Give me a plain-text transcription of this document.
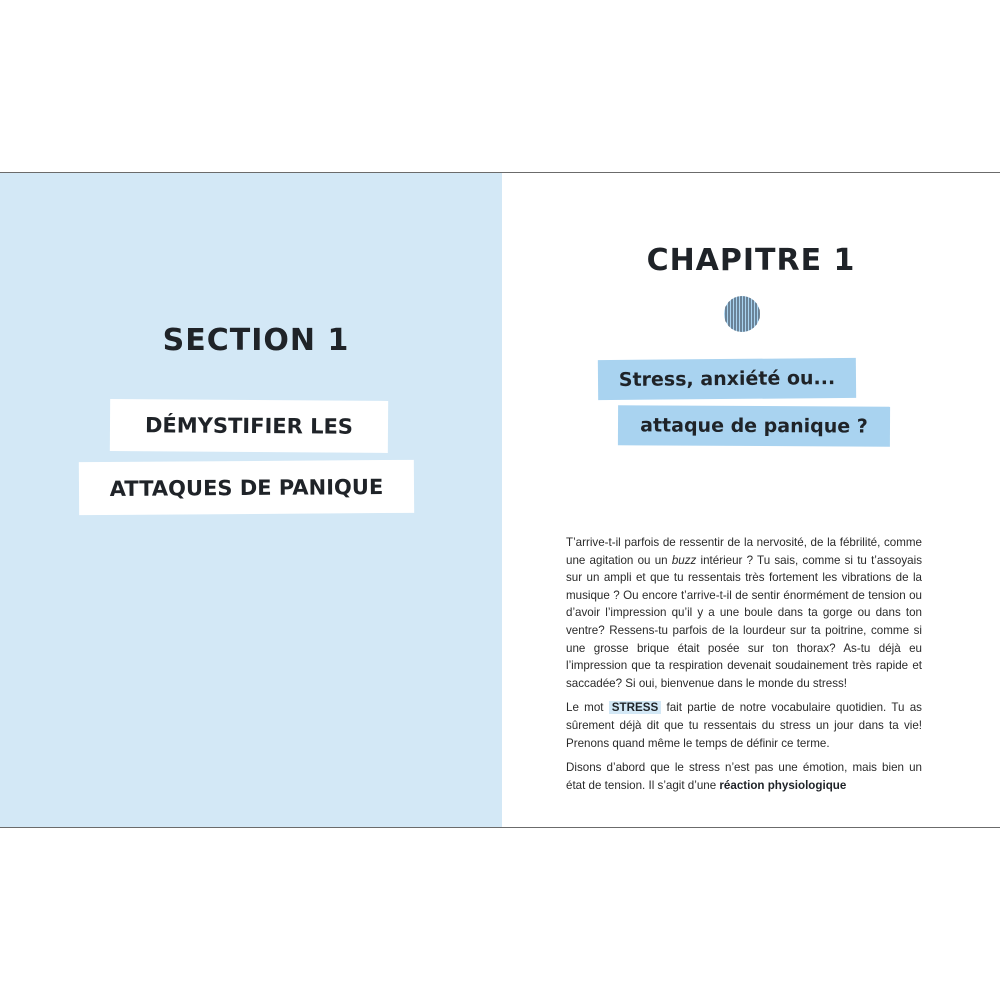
SECTION 1
DÉMYSTIFIER LES
ATTAQUES DE PANIQUE
CHAPITRE 1
Stress, anxiété ou...
attaque de panique ?

T’arrive-t-il parfois de ressentir de la nervosité, de la fébrilité, comme une agitation ou un buzz intérieur ? Tu sais, comme si tu t’assoyais sur un ampli et que tu ressentais très fortement les vibrations de la musique ? Ou encore t’arrive-t-il de sentir énormément de tension ou d’avoir l’impression qu’il y a une boule dans ta gorge ou dans ton ventre? Ressens-tu parfois de la lourdeur sur ta poitrine, comme si une grosse brique était posée sur ton thorax? As-tu déjà eu l’impression que ta respiration devenait soudainement très rapide et saccadée? Si oui, bienvenue dans le monde du stress!

Le mot STRESS fait partie de notre vocabulaire quotidien. Tu as sûrement déjà dit que tu ressentais du stress un jour dans ta vie! Prenons quand même le temps de définir ce terme.

Disons d’abord que le stress n’est pas une émotion, mais bien un état de tension. Il s’agit d’une réaction physiologique
